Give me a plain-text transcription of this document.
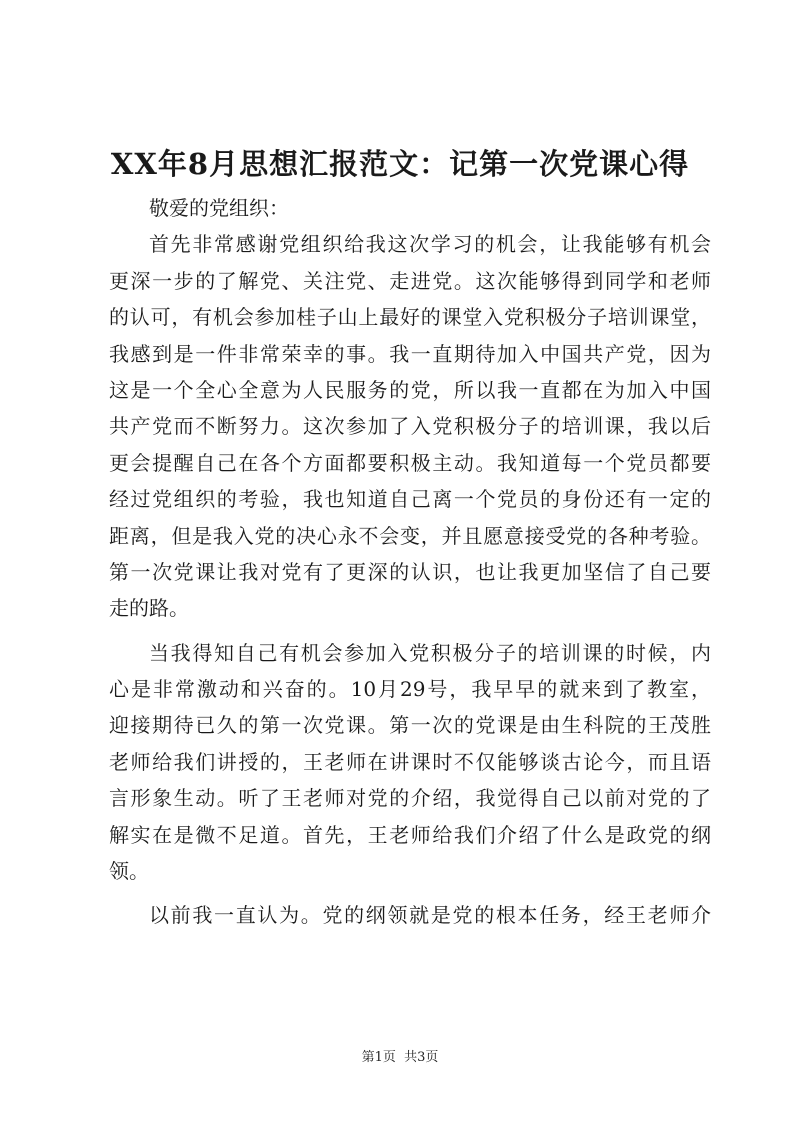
XX年8月思想汇报范文：记第一次党课心得
敬爱的党组织：
首先非常感谢党组织给我这次学习的机会，让我能够有机会
更深一步的了解党、关注党、走进党。这次能够得到同学和老师
的认可，有机会参加桂子山上最好的课堂入党积极分子培训课堂，
我感到是一件非常荣幸的事。我一直期待加入中国共产党，因为
这是一个全心全意为人民服务的党，所以我一直都在为加入中国
共产党而不断努力。这次参加了入党积极分子的培训课，我以后
更会提醒自己在各个方面都要积极主动。我知道每一个党员都要
经过党组织的考验，我也知道自己离一个党员的身份还有一定的
距离，但是我入党的决心永不会变，并且愿意接受党的各种考验。
第一次党课让我对党有了更深的认识，也让我更加坚信了自己要
走的路。
当我得知自己有机会参加入党积极分子的培训课的时候，内
心是非常激动和兴奋的。10月29号，我早早的就来到了教室，
迎接期待已久的第一次党课。第一次的党课是由生科院的王茂胜
老师给我们讲授的，王老师在讲课时不仅能够谈古论今，而且语
言形象生动。听了王老师对党的介绍，我觉得自己以前对党的了
解实在是微不足道。首先，王老师给我们介绍了什么是政党的纲
领。
以前我一直认为。党的纲领就是党的根本任务，经王老师介
第1页 共3页
